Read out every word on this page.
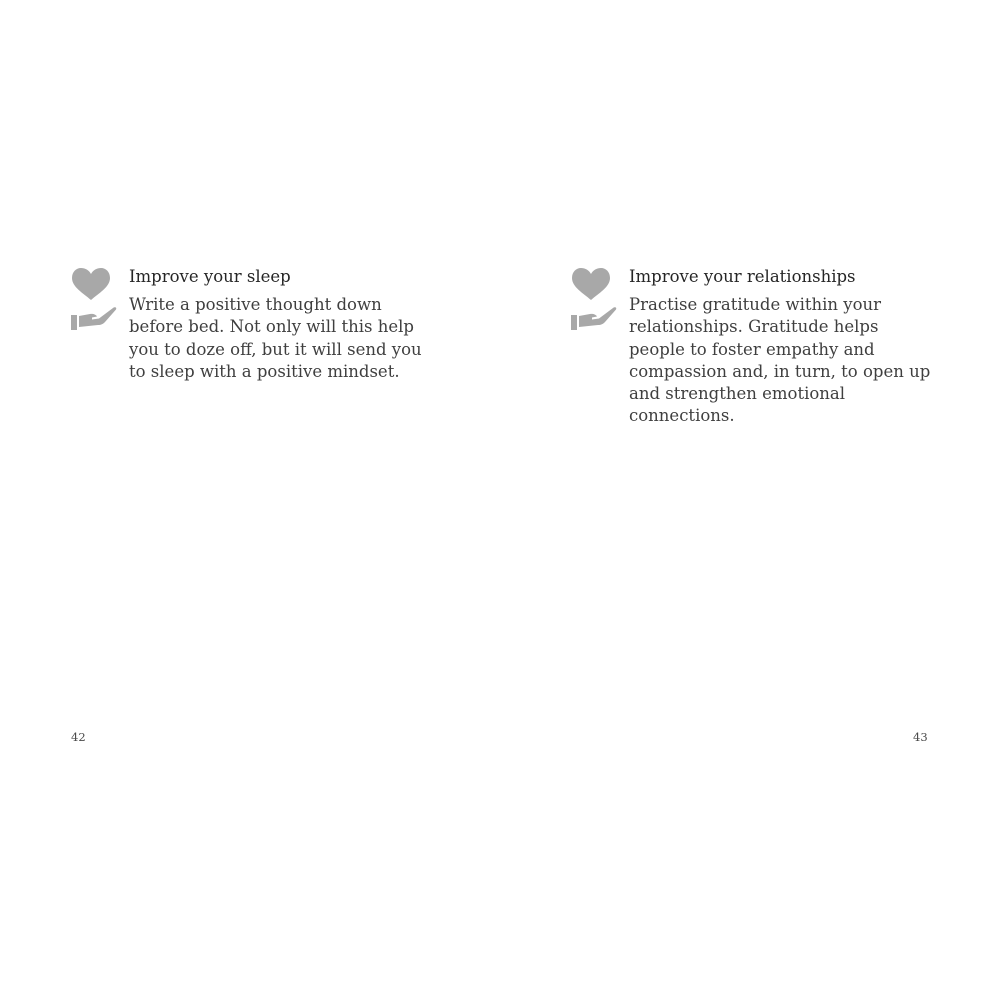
Improve your sleep

Write a positive thought down before bed. Not only will this help you to doze off, but it will send you to sleep with a positive mindset.

42
Improve your relationships

Practise gratitude within your relationships. Gratitude helps people to foster empathy and compassion and, in turn, to open up and strengthen emotional connections.

43
